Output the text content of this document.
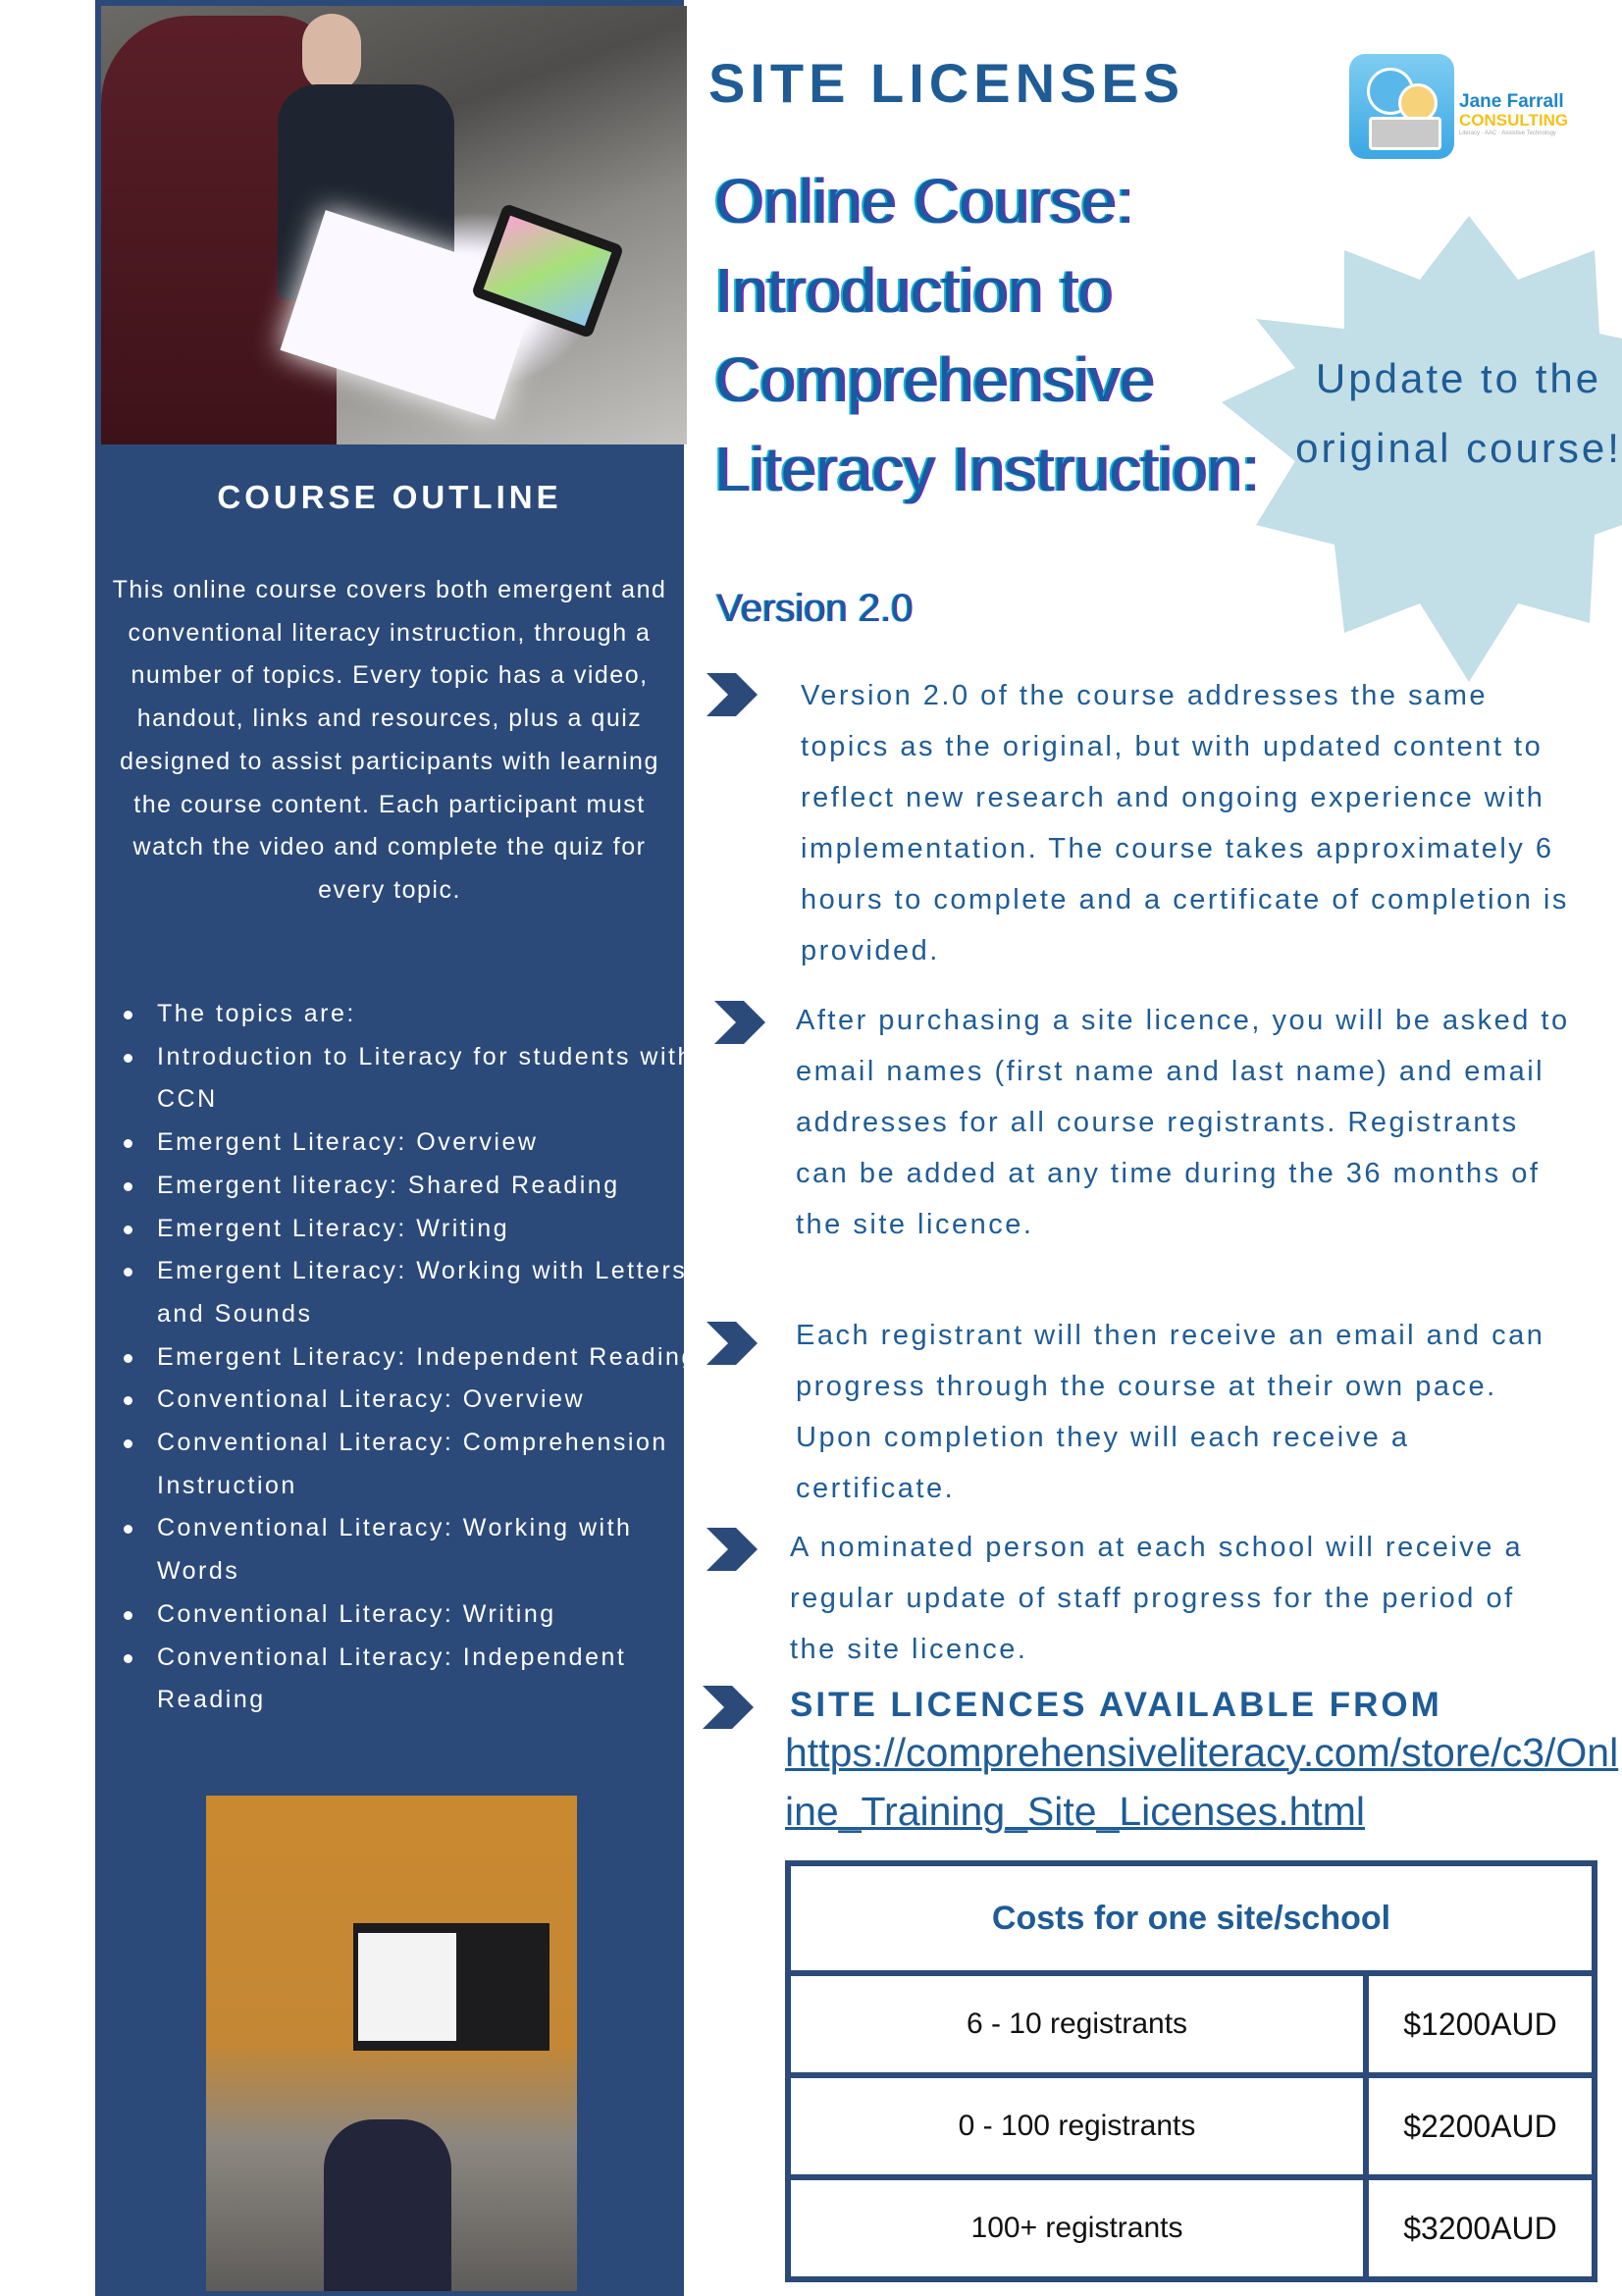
COURSE OUTLINE
This online course covers both emergent and conventional literacy instruction, through a number of topics. Every topic has a video, handout, links and resources, plus a quiz designed to assist participants with learning the course content. Each participant must watch the video and complete the quiz for every topic.
The topics are:
Introduction to Literacy for students with CCN
Emergent Literacy: Overview
Emergent literacy: Shared Reading
Emergent Literacy: Writing
Emergent Literacy: Working with Letters and Sounds
Emergent Literacy: Independent Reading
Conventional Literacy: Overview
Conventional Literacy: Comprehension Instruction
Conventional Literacy: Working with Words
Conventional Literacy: Writing
Conventional Literacy: Independent Reading
SITE LICENSES	Jane Farrall
CONSULTING
Literacy · AAC · Assistive Technology
Online Course: Introduction to Comprehensive Literacy Instruction:
Version 2.0
Update to the original course!
Version 2.0 of the course addresses the same topics as the original, but with updated content to reflect new research and ongoing experience with implementation. The course takes approximately 6 hours to complete and a certificate of completion is provided.
After purchasing a site licence, you will be asked to email names (first name and last name) and email addresses for all course registrants. Registrants can be added at any time during the 36 months of the site licence.
Each registrant will then receive an email and can progress through the course at their own pace. Upon completion they will each receive a certificate.
A nominated person at each school will receive a regular update of staff progress for the period of the site licence.
SITE LICENCES AVAILABLE FROM
https://comprehensiveliteracy.com/store/c3/Online_Training_Site_Licenses.html
Costs for one site/school	
6 - 10 registrants	$1200AUD
0 - 100 registrants	$2200AUD
100+ registrants	$3200AUD
